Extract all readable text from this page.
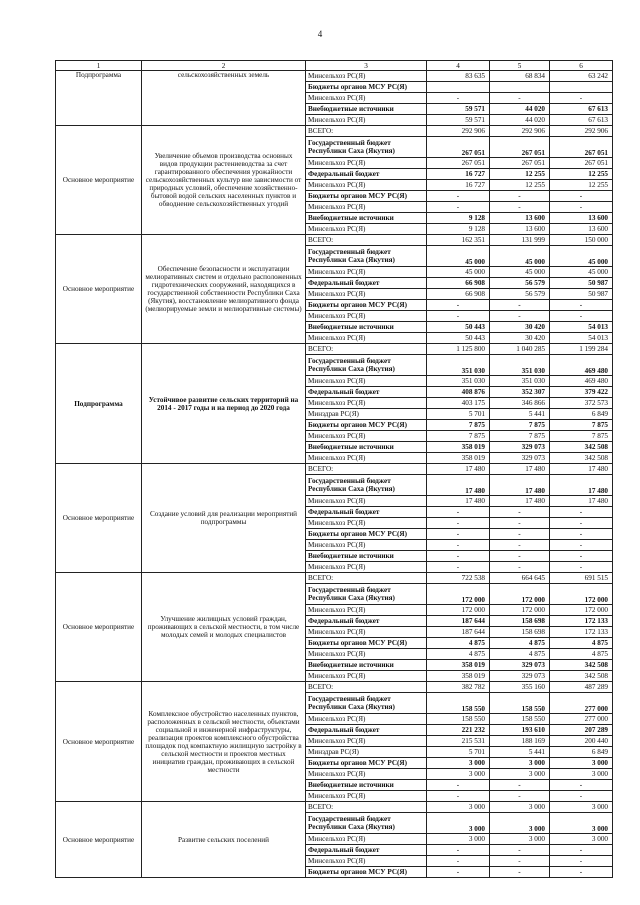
4
1	2	3	4	5	6
Подпрограмма	сельскохозяйственных земель	Минсельхоз РС(Я)	83 635	68 834	63 242
		Бюджеты органов МСУ РС(Я)			
		Минсельхоз РС(Я)	-	-	-
		Внебюджетные источники	59 571	44 020	67 613
		Минсельхоз РС(Я)	59 571	44 020	67 613
Основное мероприятие	Увеличение объемов производства основных видов продукции растениеводства за счет гарантированного обеспечения урожайности сельскохозяйственных культур вне зависимости от природных условий, обеспечение хозяйственно-бытовой водой сельских населенных пунктов и обводнение сельскохозяйственных угодий	ВСЕГО:	292 906	292 906	292 906
		Государственный бюджет Республики Саха (Якутия)	267 051	267 051	267 051
		Минсельхоз РС(Я)	267 051	267 051	267 051
		Федеральный бюджет	16 727	12 255	12 255
		Минсельхоз РС(Я)	16 727	12 255	12 255
		Бюджеты органов МСУ РС(Я)	-	-	-
		Минсельхоз РС(Я)	-	-	-
		Внебюджетные источники	9 128	13 600	13 600
		Минсельхоз РС(Я)	9 128	13 600	13 600
Основное мероприятие	Обеспечение безопасности и эксплуатации мелиоративных систем и отдельно расположенных гидротехнических сооружений, находящихся в государственной собственности Республики Саха (Якутия), восстановление мелиоративного фонда (мелиорируемые земли и мелиоративные системы)	ВСЕГО:	162 351	131 999	150 000
		Государственный бюджет Республики Саха (Якутия)	45 000	45 000	45 000
		Минсельхоз РС(Я)	45 000	45 000	45 000
		Федеральный бюджет	66 908	56 579	50 987
		Минсельхоз РС(Я)	66 908	56 579	50 987
		Бюджеты органов МСУ РС(Я)	-	-	-
		Минсельхоз РС(Я)	-	-	-
		Внебюджетные источники	50 443	30 420	54 013
		Минсельхоз РС(Я)	50 443	30 420	54 013
Подпрограмма	Устойчивое развитие сельских территорий на 2014 - 2017 годы и на период до 2020 года	ВСЕГО:	1 125 800	1 040 285	1 199 284
		Государственный бюджет Республики Саха (Якутия)	351 030	351 030	469 480
		Минсельхоз РС(Я)	351 030	351 030	469 480
		Федеральный бюджет	408 876	352 307	379 422
		Минсельхоз РС(Я)	403 175	346 866	372 573
		Минздрав РС(Я)	5 701	5 441	6 849
		Бюджеты органов МСУ РС(Я)	7 875	7 875	7 875
		Минсельхоз РС(Я)	7 875	7 875	7 875
		Внебюджетные источники	358 019	329 073	342 508
		Минсельхоз РС(Я)	358 019	329 073	342 508
Основное мероприятие	Создание условий для реализации мероприятий подпрограммы	ВСЕГО:	17 480	17 480	17 480
		Государственный бюджет Республики Саха (Якутия)	17 480	17 480	17 480
		Минсельхоз РС(Я)	17 480	17 480	17 480
		Федеральный бюджет	-	-	-
		Минсельхоз РС(Я)	-	-	-
		Бюджеты органов МСУ РС(Я)	-	-	-
		Минсельхоз РС(Я)	-	-	-
		Внебюджетные источники	-	-	-
		Минсельхоз РС(Я)	-	-	-
Основное мероприятие	Улучшение жилищных условий граждан, проживающих в сельской местности, в том числе молодых семей и молодых специалистов	ВСЕГО:	722 538	664 645	691 515
		Государственный бюджет Республики Саха (Якутия)	172 000	172 000	172 000
		Минсельхоз РС(Я)	172 000	172 000	172 000
		Федеральный бюджет	187 644	158 698	172 133
		Минсельхоз РС(Я)	187 644	158 698	172 133
		Бюджеты органов МСУ РС(Я)	4 875	4 875	4 875
		Минсельхоз РС(Я)	4 875	4 875	4 875
		Внебюджетные источники	358 019	329 073	342 508
		Минсельхоз РС(Я)	358 019	329 073	342 508
Основное мероприятие	Комплексное обустройство населенных пунктов, расположенных в сельской местности, объектами социальной и инженерной инфраструктуры, реализация проектов комплексного обустройства площадок под компактную жилищную застройку в сельской местности и проектов местных инициатив граждан, проживающих в сельской местности	ВСЕГО:	382 782	355 160	487 289
		Государственный бюджет Республики Саха (Якутия)	158 550	158 550	277 000
		Минсельхоз РС(Я)	158 550	158 550	277 000
		Федеральный бюджет	221 232	193 610	207 289
		Минсельхоз РС(Я)	215 531	188 169	200 440
		Минздрав РС(Я)	5 701	5 441	6 849
		Бюджеты органов МСУ РС(Я)	3 000	3 000	3 000
		Минсельхоз РС(Я)	3 000	3 000	3 000
		Внебюджетные источники	-	-	-
		Минсельхоз РС(Я)	-	-	-
Основное мероприятие	Развитие сельских поселений	ВСЕГО:	3 000	3 000	3 000
		Государственный бюджет Республики Саха (Якутия)	3 000	3 000	3 000
		Минсельхоз РС(Я)	3 000	3 000	3 000
		Федеральный бюджет	-	-	-
		Минсельхоз РС(Я)	-	-	-
		Бюджеты органов МСУ РС(Я)	-	-	-
